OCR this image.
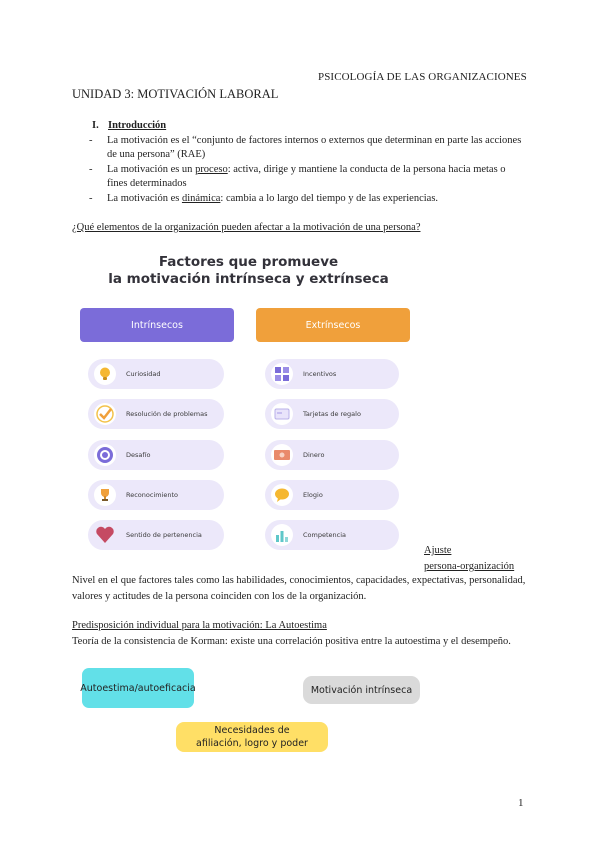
PSICOLOGÍA DE LAS ORGANIZACIONES
UNIDAD 3: MOTIVACIÓN LABORAL
I. Introducción
- La motivación es el “conjunto de factores internos o externos que determinan en parte las acciones de una persona” (RAE)
- La motivación es un proceso: activa, dirige y mantiene la conducta de la persona hacia metas o fines determinados
- La motivación es dinámica: cambia a lo largo del tiempo y de las experiencias.
¿Qué elementos de la organización pueden afectar a la motivación de una persona?
Factores que promueve
la motivación intrínseca y extrínseca
Intrínsecos	Extrínsecos
Curiosidad
Resolución de problemas
Desafío
Reconocimiento
Sentido de pertenencia
Incentivos
Tarjetas de regalo
Dinero
Elogio
Competencia
Ajuste
persona-organización
Nivel en el que factores tales como las habilidades, conocimientos, capacidades, expectativas, personalidad, valores y actitudes de la persona coinciden con los de la organización.
Predisposición individual para la motivación: La Autoestima
Teoría de la consistencia de Korman: existe una correlación positiva entre la autoestima y el desempeño.
Autoestima/autoeficacia	Motivación intrínseca
Necesidades de
afiliación, logro y poder
1
